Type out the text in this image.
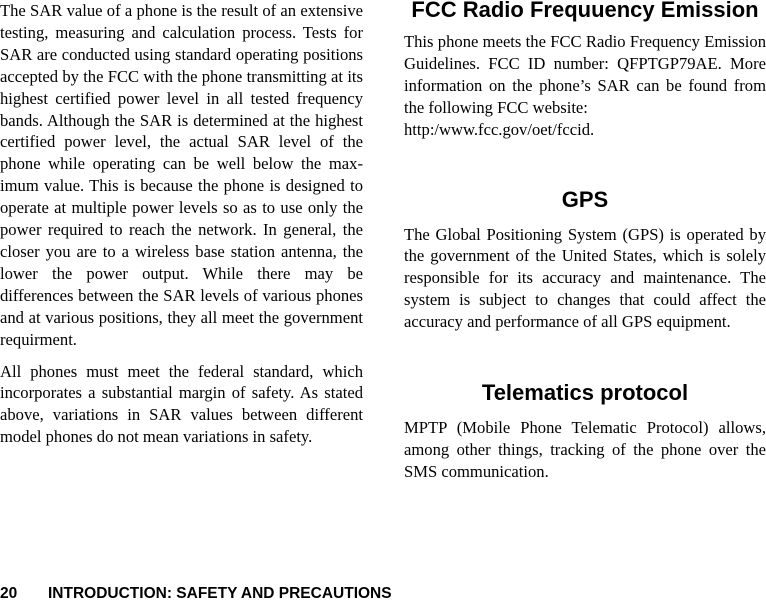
The SAR value of a phone is the result of an extensive testing, measuring and calculation process. Tests for SAR are conducted using standard operating positions accepted by the FCC with the phone transmitting at its highest certified power level in all tested frequency bands. Although the SAR is determined at the highest certified power level, the actual SAR level of the phone while operating can be well below the maximum value. This is because the phone is designed to operate at multiple power levels so as to use only the power required to reach the network. In general, the closer you are to a wireless base station antenna, the lower the power output. While there may be differences between the SAR levels of various phones and at various positions, they all meet the government requirment.

All phones must meet the federal standard, which incorporates a substantial margin of safety. As stated above, variations in SAR values between different model phones do not mean variations in safety.

FCC Radio Frequuency Emission

This phone meets the FCC Radio Frequency Emission Guidelines. FCC ID number: QFPTGP79AE. More information on the phone’s SAR can be found from the following FCC website:

http:/www.fcc.gov/oet/fccid.

GPS

The Global Positioning System (GPS) is operated by the government of the United States, which is solely responsible for its accuracy and maintenance. The system is subject to changes that could affect the accuracy and performance of all GPS equipment.

Telematics protocol

MPTP (Mobile Phone Telematic Protocol) allows, among other things, tracking of the phone over the SMS communication.

20 INTRODUCTION: SAFETY AND PRECAUTIONS
